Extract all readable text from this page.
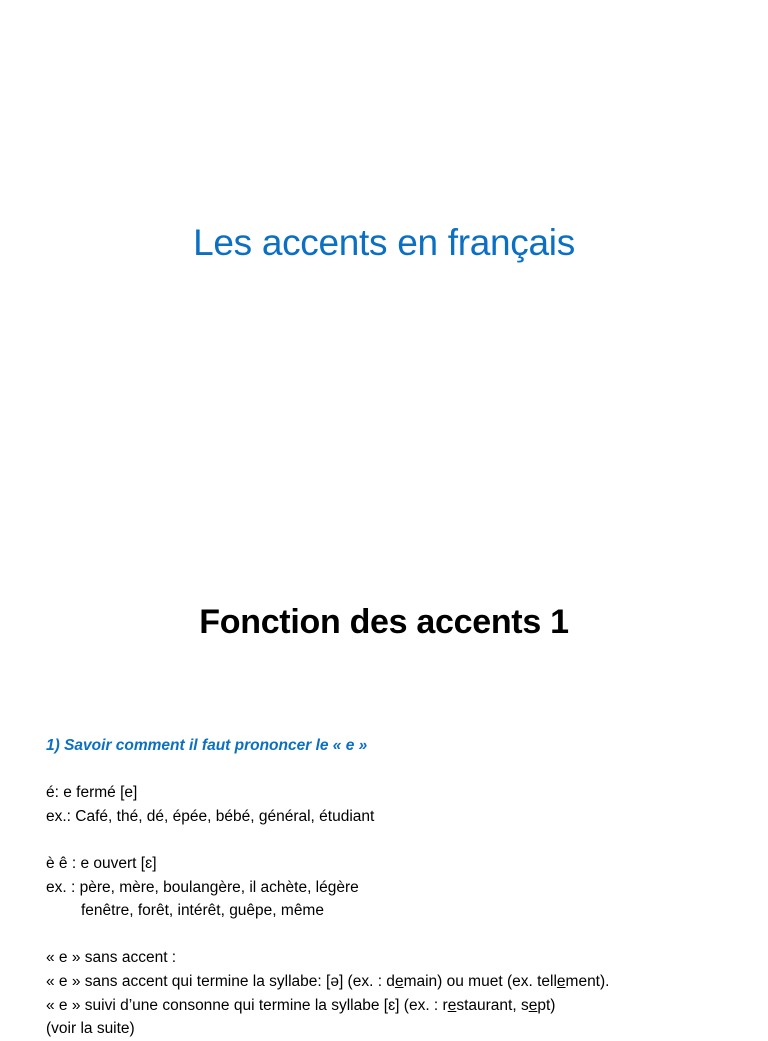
Les accents en français
Fonction des accents 1
1) Savoir comment il faut prononcer le « e »
é: e fermé [e]
ex.: Café, thé, dé, épée, bébé, général, étudiant
è ê : e ouvert [ɛ]
ex. : père, mère, boulangère, il achète, légère
fenêtre, forêt, intérêt, guêpe, même
« e » sans accent :
« e » sans accent qui termine la syllabe: [ə] (ex. : demain) ou muet (ex. tellement).
« e » suivi d’une consonne qui termine la syllabe [ɛ] (ex. : restaurant, sept)
(voir la suite)
